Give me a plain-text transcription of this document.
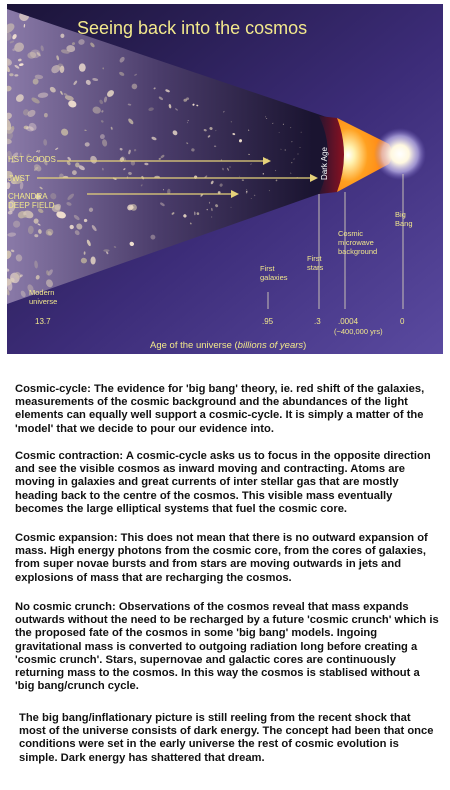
Seeing back into the cosmos
HST GOODS
JWST
CHANDRA DEEP FIELD
Dark Age
Big Bang
First galaxies
First stars
Cosmic microwave background
Modern universe
13.7	.95	.3 .0004	0
(~400,000 yrs)
Age of the universe (billions of years)

Cosmic-cycle: The evidence for 'big bang' theory, ie. red shift of the galaxies, measurements of the cosmic background and the abundances of the light elements can equally well support a cosmic-cycle. It is simply a matter of the 'model' that we decide to pour our evidence into.

Cosmic contraction: A cosmic-cycle asks us to focus in the opposite direction and see the visible cosmos as inward moving and contracting. Atoms are moving in galaxies and great currents of inter stellar gas that are mostly heading back to the centre of the cosmos. This visible mass eventually becomes the large elliptical systems that fuel the cosmic core.

Cosmic expansion: This does not mean that there is no outward expansion of mass. High energy photons from the cosmic core, from the cores of galaxies, from super novae bursts and from stars are moving outwards in jets and explosions of mass that are recharging the cosmos.

No cosmic crunch: Observations of the cosmos reveal that mass expands outwards without the need to be recharged by a future 'cosmic crunch' which is the proposed fate of the cosmos in some 'big bang' models. Ingoing gravitational mass is converted to outgoing radiation long before creating a 'cosmic crunch'. Stars, supernovae and galactic cores are continuously returning mass to the cosmos. In this way the cosmos is stablised without a 'big bang/crunch cycle.

The big bang/inflationary picture is still reeling from the recent shock that most of the universe consists of dark energy. The concept had been that once conditions were set in the early universe the rest of cosmic evolution is simple. Dark energy has shattered that dream.
